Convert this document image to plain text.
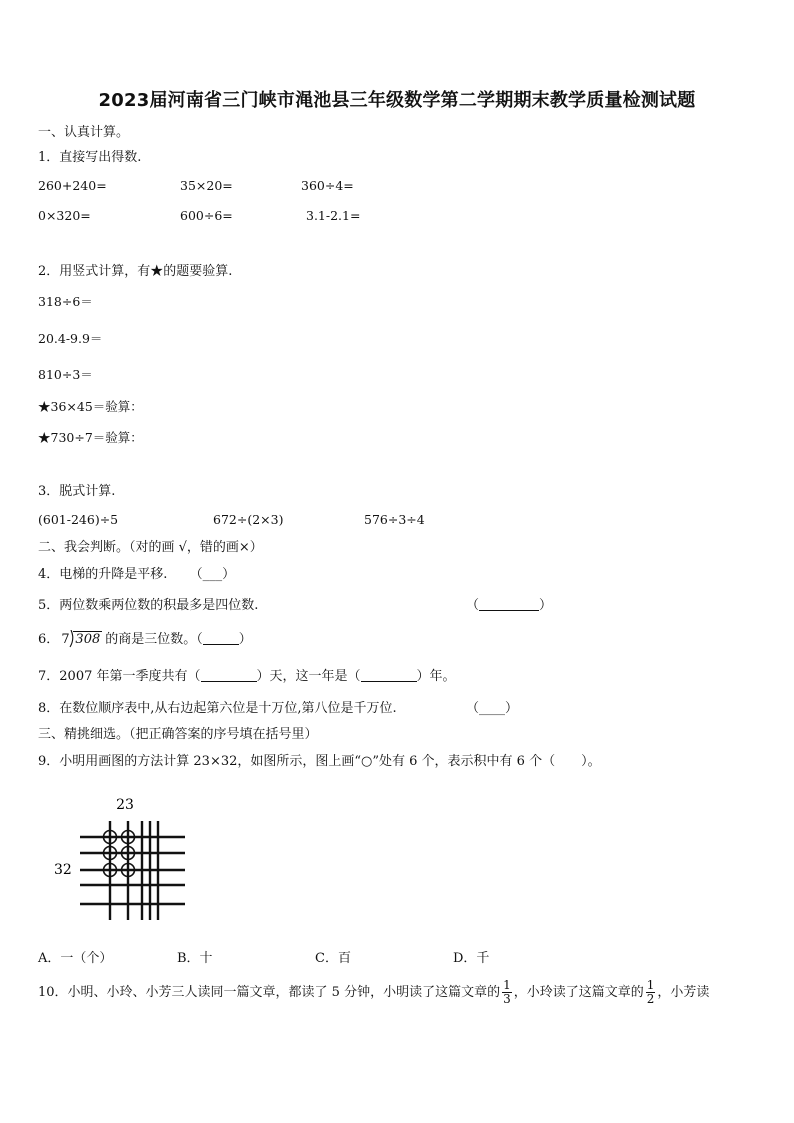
2023届河南省三门峡市渑池县三年级数学第二学期期末教学质量检测试题
一、认真计算。
1．直接写出得数.
260+240=	35×20=	360÷4=
0×320=	600÷6=	3.1-2.1=
2．用竖式计算，有★的题要验算.
318÷6＝
20.4-9.9＝
810÷3＝
★36×45＝验算：
★730÷7＝验算：
3．脱式计算.
(601-246)÷5	672÷(2×3)	576÷3÷4
二、我会判断。（对的画 √，错的画×）
4．电梯的升降是平移. （___）
5．两位数乘两位数的积最多是四位数.	（	）
6． 7 308 的商是三位数。（	）
7．2007 年第一季度共有（	）天，这一年是（	）年。
8．在数位顺序表中,从右边起第六位是十万位,第八位是千万位.	（____）
三、精挑细选。（把正确答案的序号填在括号里）
9．小明用画图的方法计算 23×32，如图所示，图上画“○”处有 6 个，表示积中有 6 个（　　）。
23
32
A．一（个）	B．十	C．百	D．千
10．小明、小玲、小芳三人读同一篇文章，都读了 5 分钟，小明读了这篇文章的 $\frac{1}{3}$ ，小玲读了这篇文章的 $\frac{1}{2}$ ，小芳读
